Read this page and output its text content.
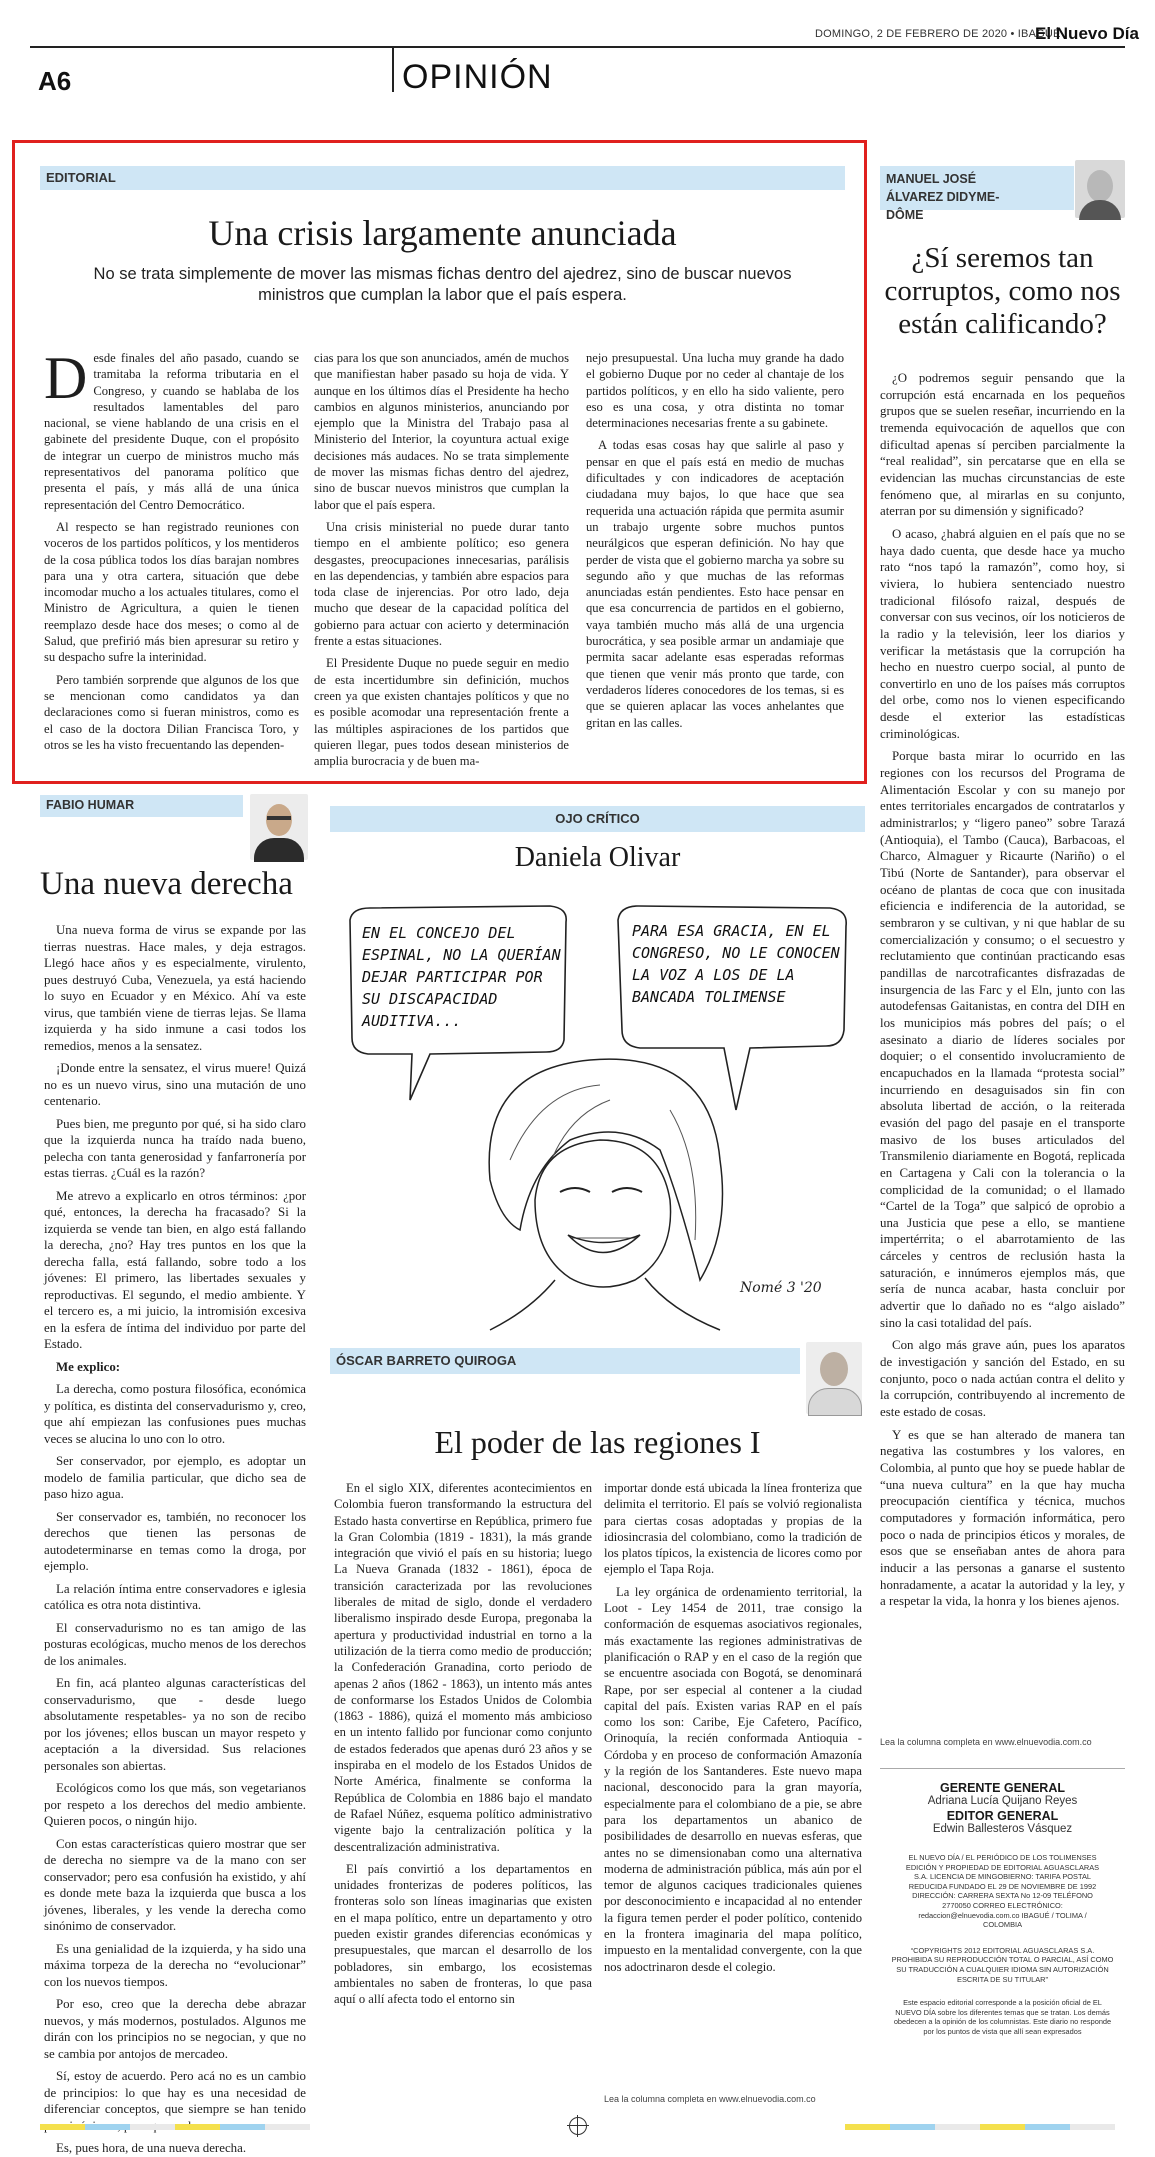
DOMINGO, 2 DE FEBRERO DE 2020 • IBAGUÉ
El Nuevo Día
A6	OPINIÓN
EDITORIAL
Una crisis largamente anunciada
No se trata simplemente de mover las mismas fichas dentro del ajedrez, sino de buscar nuevos ministros que cumplan la labor que el país espera.
D esde finales del año pasado, cuando se tramitaba la reforma tributaria en el Congreso, y cuando se hablaba de los resultados lamentables del paro nacional, se viene hablando de una crisis en el gabinete del presidente Duque, con el propósito de integrar un cuerpo de ministros mucho más representativos del panorama político que presenta el país, y más allá de una única representación del Centro Democrático.

Al respecto se han registrado reuniones con voceros de los partidos políticos, y los mentideros de la cosa pública todos los días barajan nombres para una y otra cartera, situación que debe incomodar mucho a los actuales titulares, como el Ministro de Agricultura, a quien le tienen reemplazo desde hace dos meses; o como al de Salud, que prefirió más bien apresurar su retiro y su despacho sufre la interinidad.

Pero también sorprende que algunos de los que se mencionan como candidatos ya dan declaraciones como si fueran ministros, como es el caso de la doctora Dilian Francisca Toro, y otros se les ha visto frecuentando las dependen-

cias para los que son anunciados, amén de muchos que manifiestan haber pasado su hoja de vida. Y aunque en los últimos días el Presidente ha hecho cambios en algunos ministerios, anunciando por ejemplo que la Ministra del Trabajo pasa al Ministerio del Interior, la coyuntura actual exige decisiones más audaces. No se trata simplemente de mover las mismas fichas dentro del ajedrez, sino de buscar nuevos ministros que cumplan la labor que el país espera.

Una crisis ministerial no puede durar tanto tiempo en el ambiente político; eso genera desgastes, preocupaciones innecesarias, parálisis en las dependencias, y también abre espacios para toda clase de injerencias. Por otro lado, deja mucho que desear de la capacidad política del gobierno para actuar con acierto y determinación frente a estas situaciones.

El Presidente Duque no puede seguir en medio de esta incertidumbre sin definición, muchos creen ya que existen chantajes políticos y que no es posible acomodar una representación frente a las múltiples aspiraciones de los partidos que quieren llegar, pues todos desean ministerios de amplia burocracia y de buen ma-

nejo presupuestal. Una lucha muy grande ha dado el gobierno Duque por no ceder al chantaje de los partidos políticos, y en ello ha sido valiente, pero eso es una cosa, y otra distinta no tomar determinaciones necesarias frente a su gabinete.

A todas esas cosas hay que salirle al paso y pensar en que el país está en medio de muchas dificultades y con indicadores de aceptación ciudadana muy bajos, lo que hace que sea requerida una actuación rápida que permita asumir un trabajo urgente sobre muchos puntos neurálgicos que esperan definición. No hay que perder de vista que el gobierno marcha ya sobre su segundo año y que muchas de las reformas anunciadas están pendientes. Esto hace pensar en que esa concurrencia de partidos en el gobierno, vaya también mucho más allá de una urgencia burocrática, y sea posible armar un andamiaje que permita sacar adelante esas esperadas reformas que tienen que venir más pronto que tarde, con verdaderos líderes conocedores de los temas, si es que se quieren aplacar las voces anhelantes que gritan en las calles.

MANUEL JOSÉ ÁLVAREZ DIDYME-DÔME
¿Sí seremos tan corruptos, como nos están calificando?

¿O podremos seguir pensando que la corrupción está encarnada en los pequeños grupos que se suelen reseñar, incurriendo en la tremenda equivocación de aquellos que con dificultad apenas sí perciben parcialmente la “real realidad”, sin percatarse que en ella se evidencian las muchas circunstancias de este fenómeno que, al mirarlas en su conjunto, aterran por su dimensión y significado?

O acaso, ¿habrá alguien en el país que no se haya dado cuenta, que desde hace ya mucho rato “nos tapó la ramazón”, como hoy, si viviera, lo hubiera sentenciado nuestro tradicional filósofo raizal, después de conversar con sus vecinos, oír los noticieros de la radio y la televisión, leer los diarios y verificar la metástasis que la corrupción ha hecho en nuestro cuerpo social, al punto de convertirlo en uno de los países más corruptos del orbe, como nos lo vienen especificando desde el exterior las estadísticas criminológicas.

Porque basta mirar lo ocurrido en las regiones con los recursos del Programa de Alimentación Escolar y con su manejo por entes territoriales encargados de contratarlos y administrarlos; y “ligero paneo” sobre Tarazá (Antioquia), el Tambo (Cauca), Barbacoas, el Charco, Almaguer y Ricaurte (Nariño) o el Tibú (Norte de Santander), para observar el océano de plantas de coca que con inusitada eficiencia e indiferencia de la autoridad, se sembraron y se cultivan, y ni que hablar de su comercialización y consumo; o el secuestro y reclutamiento que continúan practicando esas pandillas de narcotraficantes disfrazadas de insurgencia de las Farc y el Eln, junto con las autodefensas Gaitanistas, en contra del DIH en los municipios más pobres del país; o el asesinato a diario de líderes sociales por doquier; o el consentido involucramiento de encapuchados en la llamada “protesta social” incurriendo en desaguisados sin fin con absoluta libertad de acción, o la reiterada evasión del pago del pasaje en el transporte masivo de los buses articulados del Transmilenio diariamente en Bogotá, replicada en Cartagena y Cali con la tolerancia o la complicidad de la comunidad; o el llamado “Cartel de la Toga” que salpicó de oprobio a una Justicia que pese a ello, se mantiene impertérrita; o el abarrotamiento de las cárceles y centros de reclusión hasta la saturación, e innúmeros ejemplos más, que sería de nunca acabar, hasta concluir por advertir que lo dañado no es “algo aislado” sino la casi totalidad del país.

Con algo más grave aún, pues los aparatos de investigación y sanción del Estado, en su conjunto, poco o nada actúan contra el delito y la corrupción, contribuyendo al incremento de este estado de cosas.

Y es que se han alterado de manera tan negativa las costumbres y los valores, en Colombia, al punto que hoy se puede hablar de “una nueva cultura” en la que hay mucha preocupación científica y técnica, muchos computadores y formación informática, pero poco o nada de principios éticos y morales, de esos que se enseñaban antes de ahora para inducir a las personas a ganarse el sustento honradamente, a acatar la autoridad y la ley, y a respetar la vida, la honra y los bienes ajenos.

Lea la columna completa en www.elnuevodia.com.co
GERENTE GENERAL
Adriana Lucía Quijano Reyes
EDITOR GENERAL
Edwin Ballesteros Vásquez
EL NUEVO DÍA / EL PERIÓDICO DE LOS TOLIMENSES EDICIÓN Y PROPIEDAD DE EDITORIAL AGUASCLARAS S.A. LICENCIA DE MINGOBIERNO: TARIFA POSTAL REDUCIDA FUNDADO EL 29 DE NOVIEMBRE DE 1992 DIRECCIÓN: CARRERA SEXTA No 12-09 TELÉFONO 2770050 CORREO ELECTRÓNICO: redaccion@elnuevodia.com.co IBAGUÉ / TOLIMA / COLOMBIA
“COPYRIGHTS 2012 EDITORIAL AGUASCLARAS S.A. PROHIBIDA SU REPRODUCCIÓN TOTAL O PARCIAL, ASÍ COMO SU TRADUCCIÓN A CUALQUIER IDIOMA SIN AUTORIZACIÓN ESCRITA DE SU TITULAR”
Este espacio editorial corresponde a la posición oficial de EL NUEVO DÍA sobre los diferentes temas que se tratan. Los demás obedecen a la opinión de los columnistas. Este diario no responde por los puntos de vista que allí sean expresados
FABIO HUMAR
Una nueva derecha

Una nueva forma de virus se expande por las tierras nuestras. Hace males, y deja estragos. Llegó hace años y es especialmente, virulento, pues destruyó Cuba, Venezuela, ya está haciendo lo suyo en Ecuador y en México. Ahí va este virus, que también viene de tierras lejas. Se llama izquierda y ha sido inmune a casi todos los remedios, menos a la sensatez.

¡Donde entre la sensatez, el virus muere! Quizá no es un nuevo virus, sino una mutación de uno centenario.

Pues bien, me pregunto por qué, si ha sido claro que la izquierda nunca ha traído nada bueno, pelecha con tanta generosidad y fanfarronería por estas tierras. ¿Cuál es la razón?

Me atrevo a explicarlo en otros términos: ¿por qué, entonces, la derecha ha fracasado? Si la izquierda se vende tan bien, en algo está fallando la derecha, ¿no? Hay tres puntos en los que la derecha falla, está fallando, sobre todo a los jóvenes: El primero, las libertades sexuales y reproductivas. El segundo, el medio ambiente. Y el tercero es, a mi juicio, la intromisión excesiva en la esfera de íntima del individuo por parte del Estado.

Me explico:

La derecha, como postura filosófica, económica y política, es distinta del conservadurismo y, creo, que ahí empiezan las confusiones pues muchas veces se alucina lo uno con lo otro.

Ser conservador, por ejemplo, es adoptar un modelo de familia particular, que dicho sea de paso hizo agua.

Ser conservador es, también, no reconocer los derechos que tienen las personas de autodeterminarse en temas como la droga, por ejemplo.

La relación íntima entre conservadores e iglesia católica es otra nota distintiva.

El conservadurismo no es tan amigo de las posturas ecológicas, mucho menos de los derechos de los animales.

En fin, acá planteo algunas características del conservadurismo, que - desde luego absolutamente respetables- ya no son de recibo por los jóvenes; ellos buscan un mayor respeto y aceptación a la diversidad. Sus relaciones personales son abiertas.

Ecológicos como los que más, son vegetarianos por respeto a los derechos del medio ambiente. Quieren pocos, o ningún hijo.

Con estas características quiero mostrar que ser de derecha no siempre va de la mano con ser conservador; pero esa confusión ha existido, y ahí es donde mete baza la izquierda que busca a los jóvenes, liberales, y les vende la derecha como sinónimo de conservador.

Es una genialidad de la izquierda, y ha sido una máxima torpeza de la derecha no “evolucionar” con los nuevos tiempos.

Por eso, creo que la derecha debe abrazar nuevos, y más modernos, postulados. Algunos me dirán con los principios no se negocian, y que no se cambia por antojos de mercadeo.

Sí, estoy de acuerdo. Pero acá no es un cambio de principios: lo que hay es una necesidad de diferenciar conceptos, que siempre se han tenido

Es, pues hora, de una nueva derecha.

OJO CRÍTICO
Daniela Olivar
EN EL CONCEJO DEL ESPINAL, NO LA QUERÍAN DEJAR PARTICIPAR POR SU DISCAPACIDAD AUDITIVA...
PARA ESA GRACIA, EN EL CONGRESO, NO LE CONOCEN LA VOZ A LOS DE LA BANCADA TOLIMENSE
Nomé 3 '20
ÓSCAR BARRETO QUIROGA
El poder de las regiones I

En el siglo XIX, diferentes acontecimientos en Colombia fueron transformando la estructura del Estado hasta convertirse en República, primero fue la Gran Colombia (1819 - 1831), la más grande integración que vivió el país en su historia; luego La Nueva Granada (1832 - 1861), época de transición caracterizada por las revoluciones liberales de mitad de siglo, donde el verdadero liberalismo inspirado desde Europa, pregonaba la apertura y productividad industrial en torno a la utilización de la tierra como medio de producción; la Confederación Granadina, corto periodo de apenas 2 años (1862 - 1863), un intento más antes de conformarse los Estados Unidos de Colombia (1863 - 1886), quizá el momento más ambicioso en un intento fallido por funcionar como conjunto de estados federados que apenas duró 23 años y se inspiraba en el modelo de los Estados Unidos de Norte América, finalmente se conforma la República de Colombia en 1886 bajo el mandato de Rafael Núñez, esquema político administrativo vigente bajo la centralización política y la descentralización administrativa.

El país convirtió a los departamentos en unidades fronterizas de poderes políticos, las fronteras solo son líneas imaginarias que existen en el mapa político, entre un departamento y otro pueden existir grandes diferencias económicas y presupuestales, que marcan el desarrollo de los pobladores, sin embargo, los ecosistemas ambientales no saben de fronteras, lo que pasa aquí o allí afecta todo el entorno sin

importar donde está ubicada la línea fronteriza que delimita el territorio. El país se volvió regionalista para ciertas cosas adoptadas y propias de la idiosincrasia del colombiano, como la tradición de los platos típicos, la existencia de licores como por ejemplo el Tapa Roja.

La ley orgánica de ordenamiento territorial, la Loot - Ley 1454 de 2011, trae consigo la conformación de esquemas asociativos regionales, más exactamente las regiones administrativas de planificación o RAP y en el caso de la región que se encuentre asociada con Bogotá, se denominará Rape, por ser especial al contener a la ciudad capital del país. Existen varias RAP en el país como los son: Caribe, Eje Cafetero, Pacífico, Orinoquía, la recién conformada Antioquia - Córdoba y en proceso de conformación Amazonía y la región de los Santanderes. Este nuevo mapa nacional, desconocido para la gran mayoría, especialmente para el colombiano de a pie, se abre para los departamentos un abanico de posibilidades de desarrollo en nuevas esferas, que antes no se dimensionaban como una alternativa moderna de administración pública, más aún por el temor de algunos caciques tradicionales quienes por desconocimiento e incapacidad al no entender la figura temen perder el poder político, contenido en la frontera imaginaria del mapa político, impuesto en la mentalidad convergente, con la que nos adoctrinaron desde el colegio.

Lea la columna completa en www.elnuevodia.com.co
